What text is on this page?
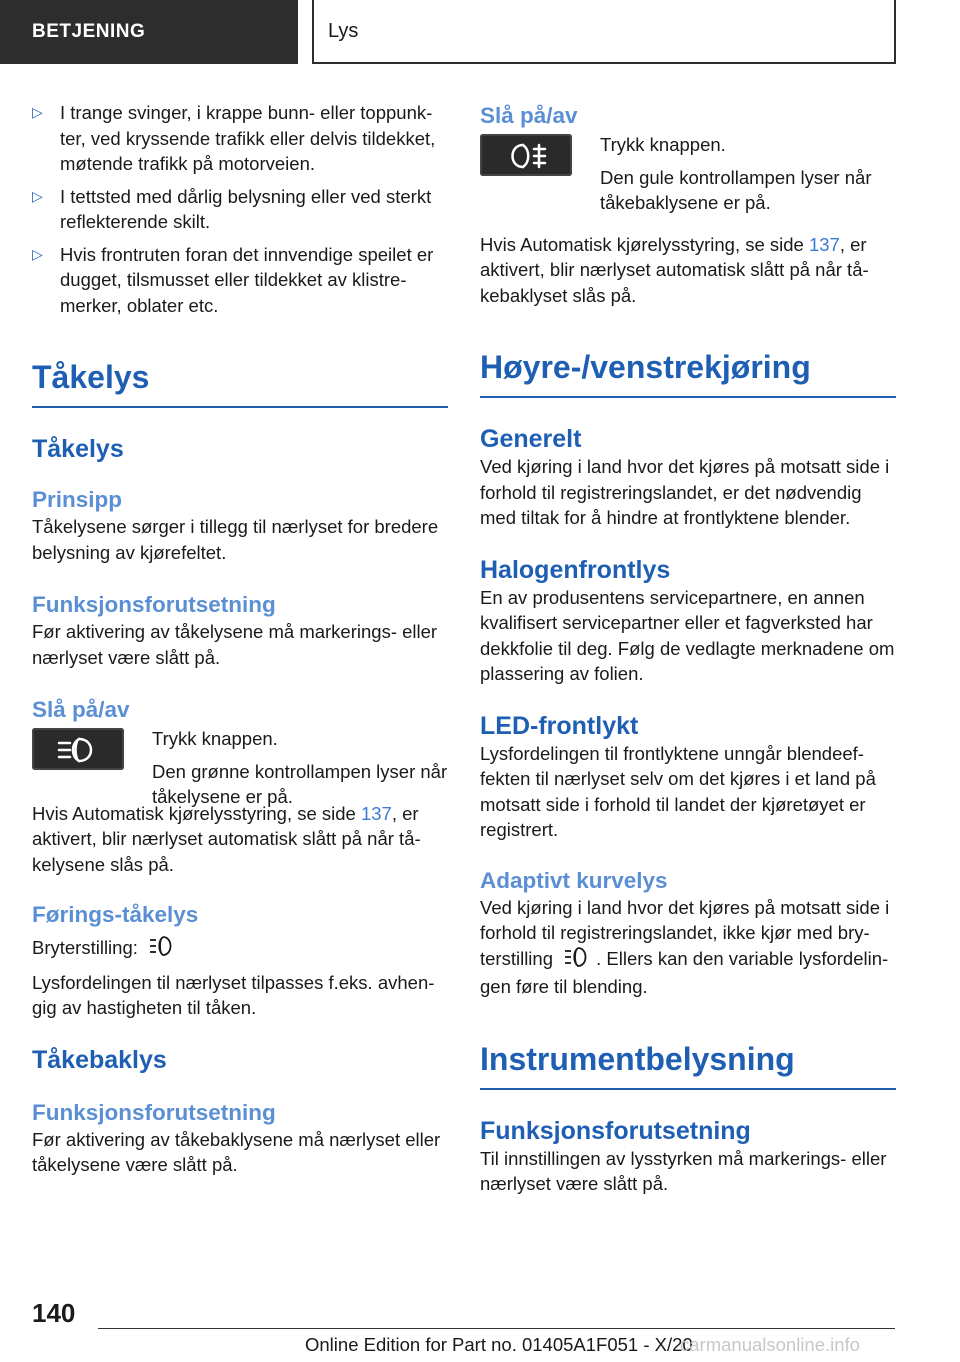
BETJENING	Lys
▷ I trange svinger, i krappe bunn- eller toppunkter, ved kryssende trafikk eller delvis tildekket, møtende trafikk på motorveien.
▷ I tettsted med dårlig belysning eller ved sterkt reflekterende skilt.
▷ Hvis frontruten foran det innvendige speilet er dugget, tilsmusset eller tildekket av klistremerker, oblater etc.
Tåkelys
Tåkelys
Prinsipp

Tåkelysene sørger i tillegg til nærlyset for bredere belysning av kjørefeltet.

Funksjonsforutsetning

Før aktivering av tåkelysene må markerings- eller nærlyset være slått på.

Slå på/av

Trykk knappen.

Den grønne kontrollampen lyser når tåkelysene er på.

Hvis Automatisk kjørelysstyring, se side 137, er aktivert, blir nærlyset automatisk slått på når tåkelysene slås på.

Førings-tåkelys

Bryterstilling:

Lysfordelingen til nærlyset tilpasses f.eks. avhengig av hastigheten til tåken.

Tåkebaklys
Funksjonsforutsetning

Før aktivering av tåkebaklysene må nærlyset eller tåkelysene være slått på.

Slå på/av

Trykk knappen.

Den gule kontrollampen lyser når tåkebaklysene er på.

Hvis Automatisk kjørelysstyring, se side 137, er aktivert, blir nærlyset automatisk slått på når tåkebaklyset slås på.

Høyre-/venstrekjøring
Generelt

Ved kjøring i land hvor det kjøres på motsatt side i forhold til registreringslandet, er det nødvendig med tiltak for å hindre at frontlyktene blender.

Halogenfrontlys

En av produsentens servicepartnere, en annen kvalifisert servicepartner eller et fagverksted har dekkfolie til deg. Følg de vedlagte merknadene om plassering av folien.

LED-frontlykt

Lysfordelingen til frontlyktene unngår blendeeffekten til nærlyset selv om det kjøres i et land på motsatt side i forhold til landet der kjøretøyet er registrert.

Adaptivt kurvelys

Ved kjøring i land hvor det kjøres på motsatt side i forhold til registreringslandet, ikke kjør med bryterstilling . Ellers kan den variable lysfordelingen føre til blending.

Instrumentbelysning
Funksjonsforutsetning

Til innstillingen av lysstyrken må markerings- eller nærlyset være slått på.

140
Online Edition for Part no. 01405A1F051 - X/20
carmanualsonline.info
